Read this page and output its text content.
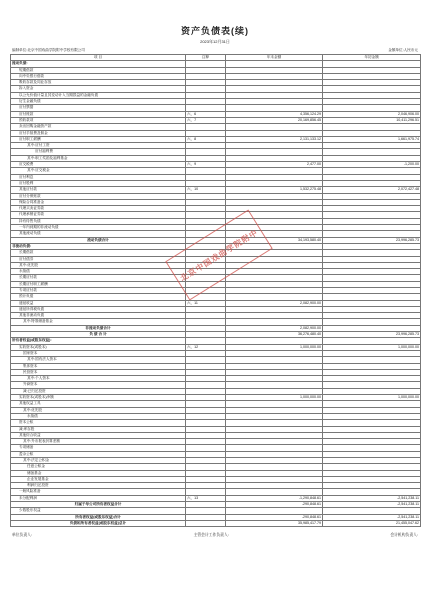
资产负债表(续)
2023年12月31日
编制单位:北京中国戏曲学院附中学校有限公司	金额单位:人民币元
项 目	注释	年末金额	年初金额
流动负债:			
短期借款			
向中央银行借款			
吸收存款及同业存放			
拆入资金			
以公允价值计量且其变动计入当期损益的金融负债			
衍生金融负债			
应付票据			
应付账款	六、6	4,356,124.29	2,046,906.00
预收款项	六、7	20,169,856.45	10,411,296.51
卖出回购金融资产款			
应付手续费及佣金			
应付职工薪酬	六、8	2,131,133.12	1,661,975.74
其中:应付工资			
应付福利费			
其中:职工奖励及福利基金			
应交税费	六、9	2,477.00	-1,200.00
其中:应交税金			
应付利息			
应付股利			
其他应付款	六、10	1,532,275.48	2,072,427.48
应付分保账款			
保险合同准备金			
代理买卖证券款			
代理承销证券款			
持有待售负债			
一年内到期的非流动负债			
其他流动负债			
流动负债合计		34,193,580.40	23,996,285.73
非流动负债:			
长期借款			
应付债券			
其中:优先股			
永续债			
长期应付款			
长期应付职工薪酬			
专项应付款			
预计负债			
递延收益	六、11	2,082,900.00	
递延所得税负债			
其他非流动负债			
其中:特准储备基金			
非流动负债合计		2,082,900.00	
负 债 合 计		36,276,480.40	23,996,285.73
所有者权益(或股东权益):			
实收资本(或股本)	六、12	1,000,000.00	1,000,000.00
国家资本			
其中:国有法人资本			
集体资本			
民营资本			
其中:个人资本			
外商资本			
减:已归还投资			
实收资本(或股本)净额		1,000,000.00	1,000,000.00
其他权益工具			
其中:优先股			
永续债			
资本公积			
减:库存股			
其他综合收益			
其中:外币报表折算差额			
专项储备			
盈余公积			
其中:法定公积金			
任意公积金			
储备基金			
企业发展基金			
利润归还投资			
一般风险准备			
未分配利润	六、13	-1,290,848.61	-2,541,238.11
归属于母公司所有者权益合计		-290,848.61	-2,541,238.11
少数股东权益			
所有者权益(或股东权益)合计		-290,848.61	-2,541,238.11
负债和所有者权益(或股东权益)总计		35,985,417.79	21,455,047.62
单位负责人:	主管会计工作负责人:	会计机构负责人:
北京中国戏曲学院附中
